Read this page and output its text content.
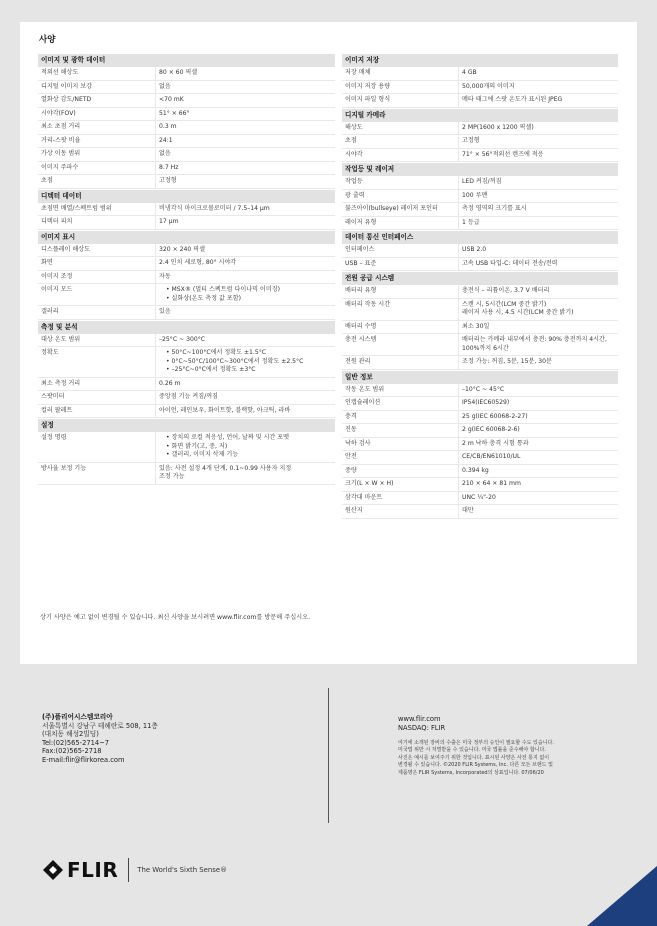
사양
이미지 및 광학 데이터
적외선 해상도	80 × 60 픽셀
디지털 이미지 보강	없음
열화상 감도/NETD	<70 mK
시야각(FOV)	51° × 66°
최소 초점 거리	0.3 m
거리-스팟 비율	24:1
가상 이동 범위	없음
이미지 주파수	8.7 Hz
초점	고정형
디텍터 데이터
초점면 배열/스펙트럼 범위	비냉각식 마이크로볼로미터 / 7.5–14 µm
디텍터 피치	17 µm
이미지 표시
디스플레이 해상도	320 × 240 픽셀
화면	2.4 인치 세로형, 80° 시야각
이미지 조정	자동
이미지 모드	• MSX® (멀티 스펙트럼 다이나믹 이미징)
• 실화상(온도 측정 값 포함)
갤러리	있음
측정 및 분석
대상 온도 범위	–25°C ~ 300°C
정확도	• 50°C~100°C에서 정확도 ±1.5°C
• 0°C~50°C/100°C~300°C에서 정확도 ±2.5°C
• –25°C~0°C에서 정확도 ±3°C
최소 측정 거리	0.26 m
스팟미터	중앙점 기능 켜짐/꺼짐
컬러 팔레트	아이언, 레인보우, 화이트핫, 블랙핫, 아크틱, 라바
설정
설정 명령	• 장치의 로컬 적응성, 언어, 날짜 및 시간 포맷
• 화면 밝기(고, 중, 저)
• 갤러리, 이미지 삭제 기능
방사율 보정 기능	있음: 사전 설정 4개 단계, 0.1~0.99 사용자 지정
조정 가능
이미지 저장
저장 매체	4 GB
이미지 저장 용량	50,000개의 이미지
이미지 파일 형식	메타 태그에 스팟 온도가 표시된 JPEG
디지털 카메라
해상도	2 MP(1600 x 1200 픽셀)
초점	고정형
시야각	71° × 56°적외선 렌즈에 적응
작업등 및 레이저
작업등	LED 켜짐/꺼짐
광 출력	100 루멘
불즈아이(bullseye) 레이저 포인터	측정 영역의 크기를 표시
레이저 유형	1 등급
데이터 통신 인터페이스
인터페이스	USB 2.0
USB – 표준	고속 USB 타입-C: 데이터 전송/전력
전원 공급 시스템
배터리 유형	충전식 – 리튬이온, 3.7 V 배터리
배터리 작동 시간	스캔 시, 5시간(LCM 중간 밝기)
레이저 사용 시, 4.5 시간(LCM 중간 밝기)
배터리 수명	최소 30일
충전 시스템	배터리는 카메라 내부에서 충전: 90% 충전까지 4시간,
100%까지 6시간
전원 관리	조정 가능: 꺼짐, 5분, 15분, 30분
일반 정보
작동 온도 범위	–10°C ~ 45°C
인캡슐레이션	IP54(IEC60529)
충격	25 g(IEC 60068-2-27)
진동	2 g(IEC 60068-2-6)
낙하 검사	2 m 낙하 충격 시험 통과
안전	CE/CB/EN61010/UL
중량	0.394 kg
크기(L × W × H)	210 × 64 × 81 mm
삼각대 마운트	UNC ¼"-20
원산지	대만
상기 사양은 예고 없이 변경될 수 있습니다. 최신 사양을 보시려면 www.flir.com를 방문해 주십시오.
(주)플리어시스템코리아
서울특별시 강남구 테헤란로 508, 11층
(대치동 해성2빌딩)
Tel:(02)565-2714~7
Fax:(02)565-2718
E-mail:flir@flirkorea.com
www.flir.com
NASDAQ: FLIR
여기에 소개된 장비의 수출은 미국 정부의 승인이 필요할 수도 있습니다.
미국법 위반 시 처벌받을 수 있습니다. 미국 법률을 준수해야 합니다.
사진은 예시를 보여주기 위한 것입니다. 표시된 사양은 사전 통지 없이
변경될 수 있습니다. ©2020 FLIR Systems, Inc. 다른 모든 브랜드 및
제품명은 FLIR Systems, Incorporated의 상표입니다. 07/06/20
FLIR	The World's Sixth Sense®
